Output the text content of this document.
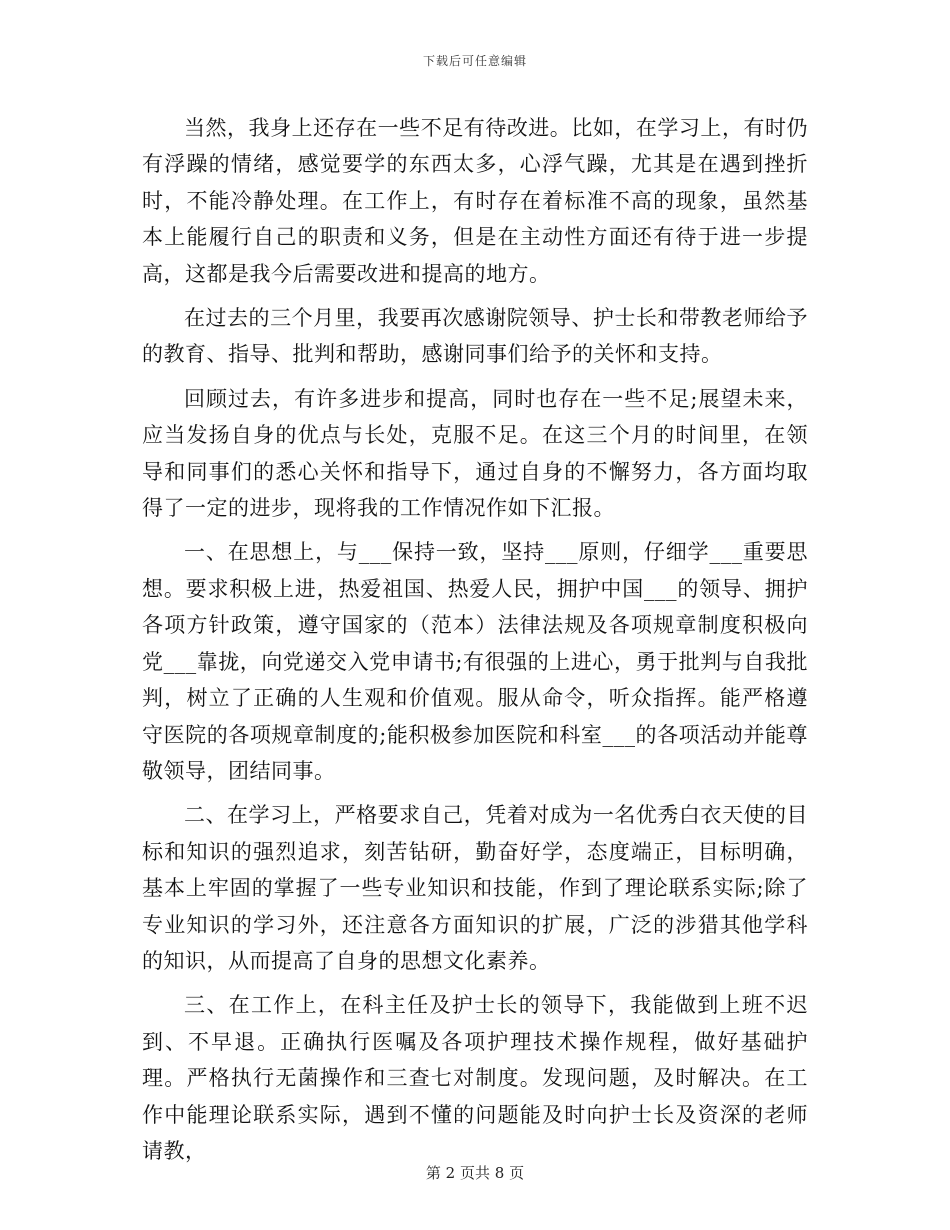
下载后可任意编辑

当然，我身上还存在一些不足有待改进。比如，在学习上，有时仍有浮躁的情绪，感觉要学的东西太多，心浮气躁，尤其是在遇到挫折时，不能冷静处理。在工作上，有时存在着标准不高的现象，虽然基本上能履行自己的职责和义务，但是在主动性方面还有待于进一步提高，这都是我今后需要改进和提高的地方。

在过去的三个月里，我要再次感谢院领导、护士长和带教老师给予的教育、指导、批判和帮助，感谢同事们给予的关怀和支持。

回顾过去，有许多进步和提高，同时也存在一些不足;展望未来，应当发扬自身的优点与长处，克服不足。在这三个月的时间里，在领导和同事们的悉心关怀和指导下，通过自身的不懈努力，各方面均取得了一定的进步，现将我的工作情况作如下汇报。

一、在思想上，与___保持一致，坚持___原则，仔细学___重要思想。要求积极上进，热爱祖国、热爱人民，拥护中国___的领导、拥护各项方针政策，遵守国家的（范本）法律法规及各项规章制度积极向党___靠拢，向党递交入党申请书;有很强的上进心，勇于批判与自我批判，树立了正确的人生观和价值观。服从命令，听众指挥。能严格遵守医院的各项规章制度的;能积极参加医院和科室___的各项活动并能尊敬领导，团结同事。

二、在学习上，严格要求自己，凭着对成为一名优秀白衣天使的目标和知识的强烈追求，刻苦钻研，勤奋好学，态度端正，目标明确，基本上牢固的掌握了一些专业知识和技能，作到了理论联系实际;除了专业知识的学习外，还注意各方面知识的扩展，广泛的涉猎其他学科的知识，从而提高了自身的思想文化素养。

三、在工作上，在科主任及护士长的领导下，我能做到上班不迟到、不早退。正确执行医嘱及各项护理技术操作规程，做好基础护理。严格执行无菌操作和三查七对制度。发现问题，及时解决。在工作中能理论联系实际，遇到不懂的问题能及时向护士长及资深的老师请教，

第 2 页共 8 页
